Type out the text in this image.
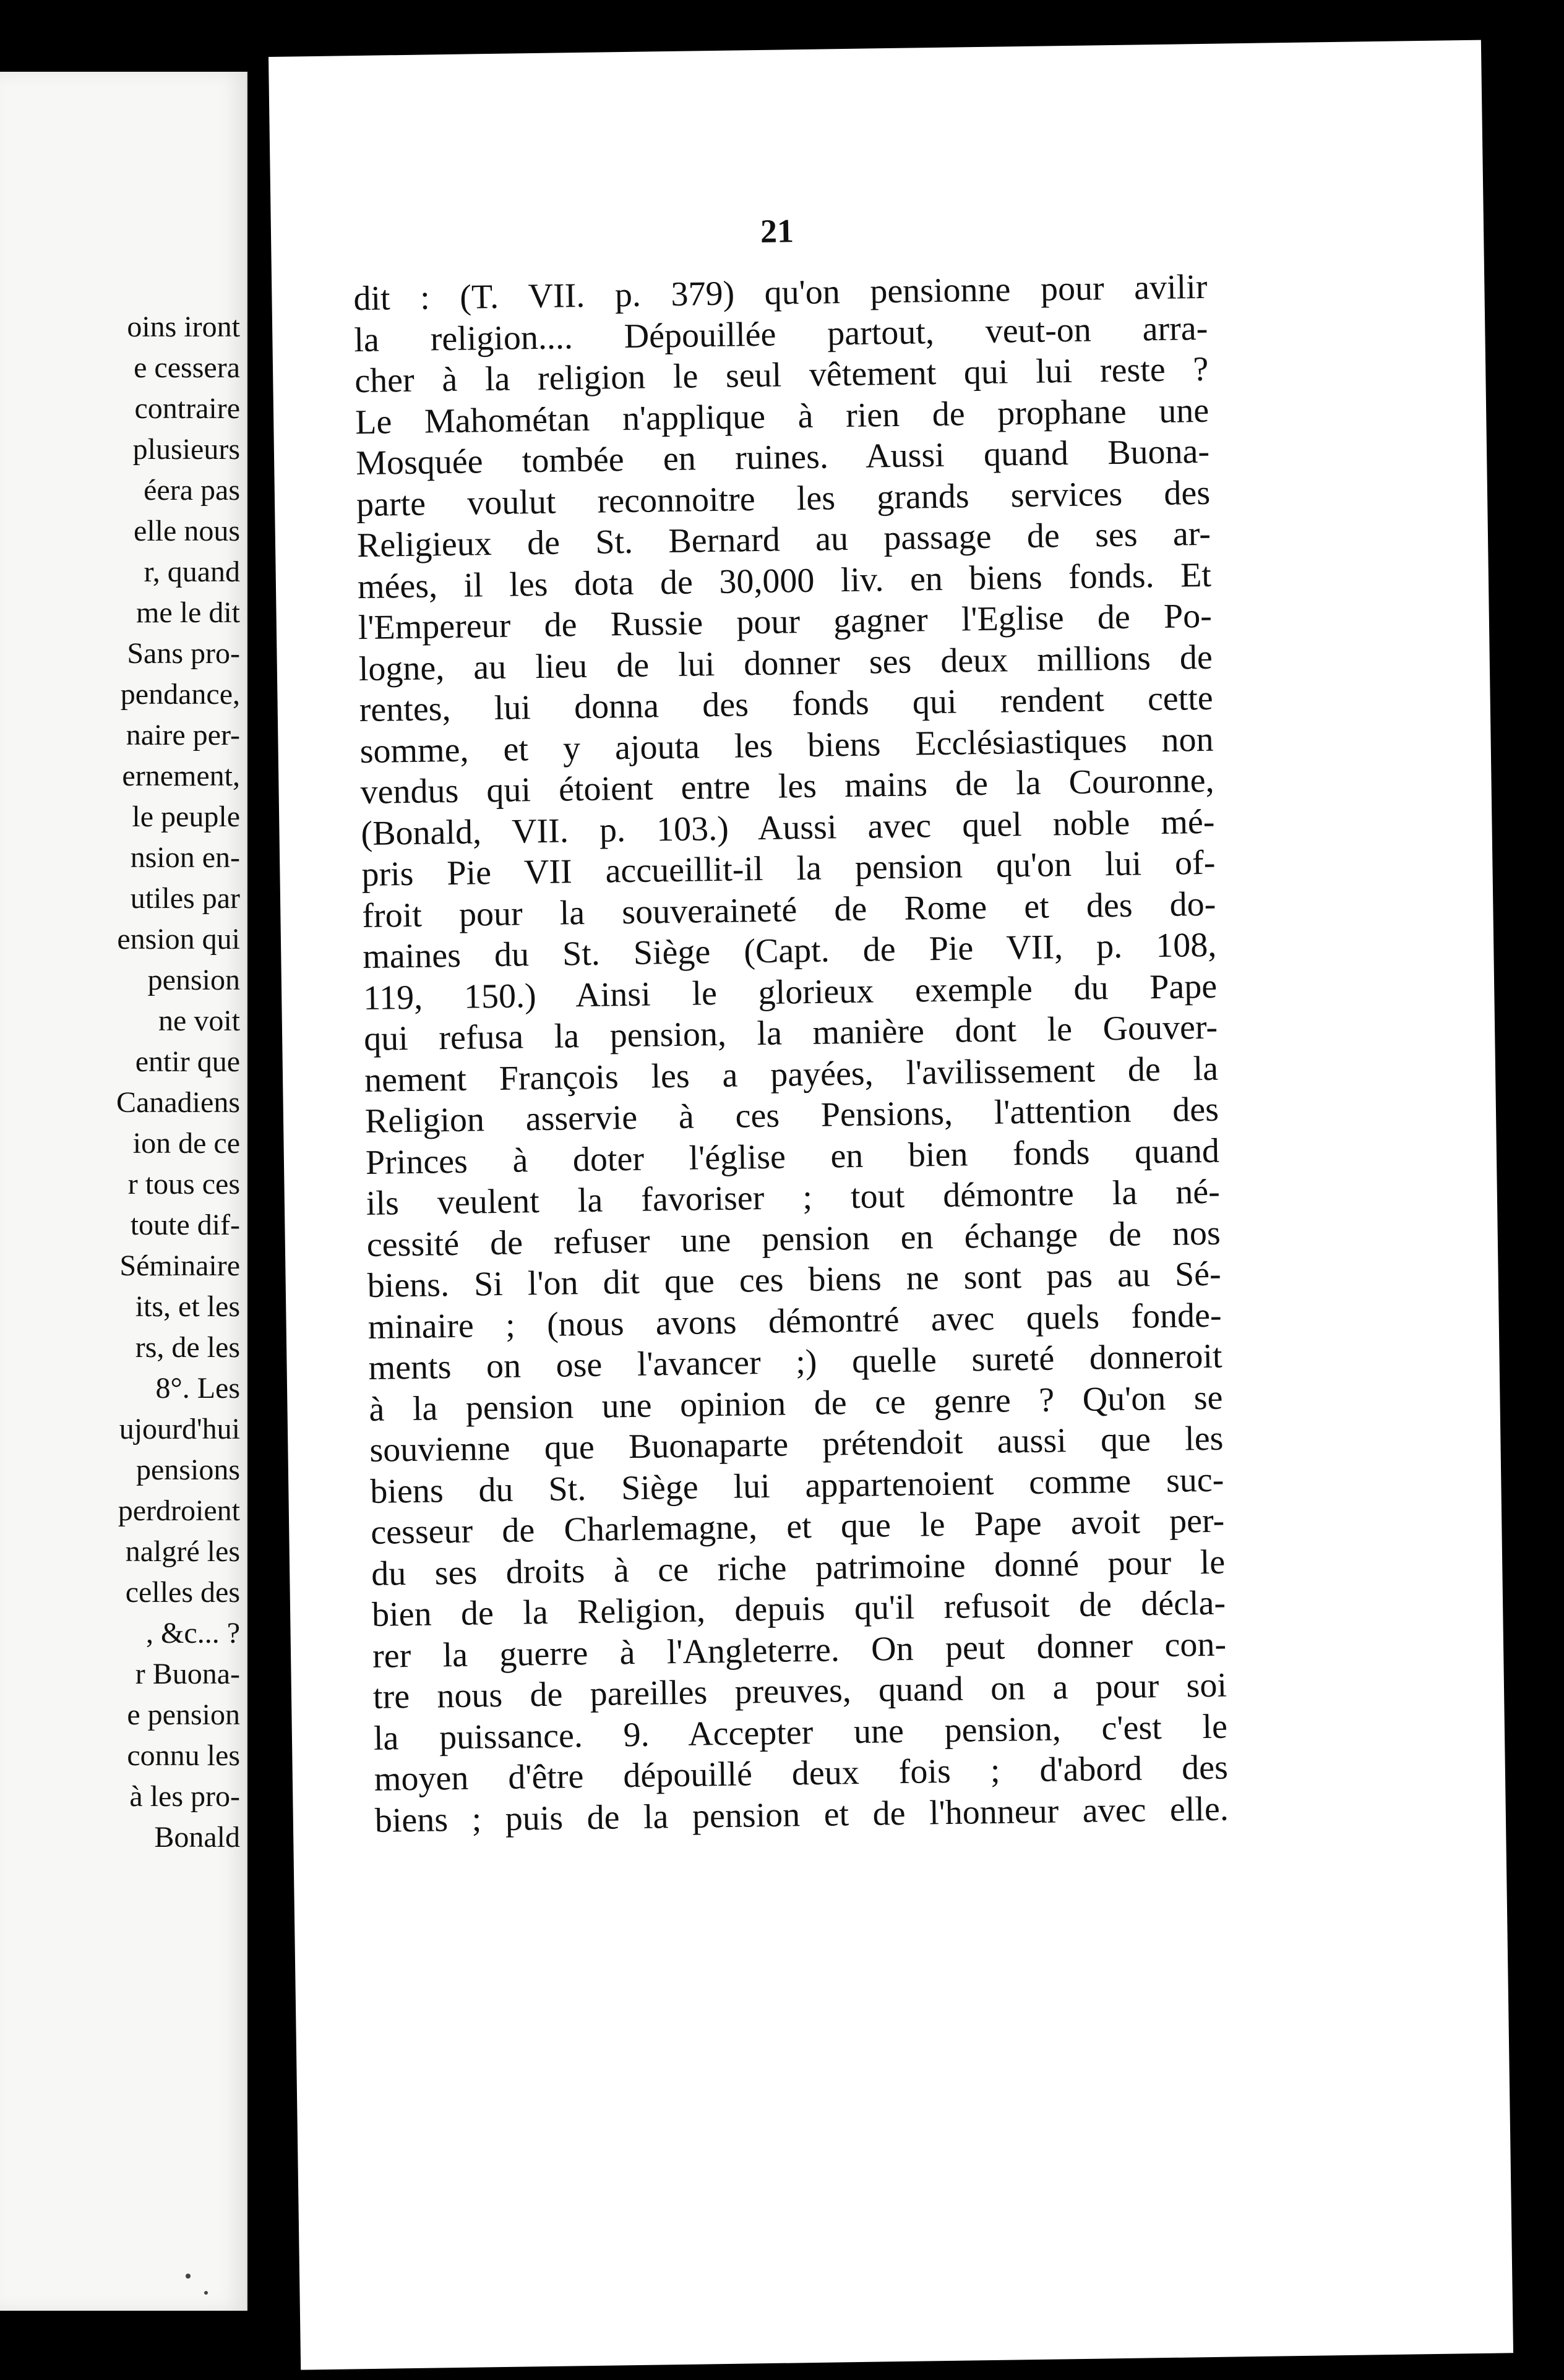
oins iront
e cessera
contraire
plusieurs
éera pas
elle nous
r, quand
me le dit
Sans pro-
pendance,
naire per-
ernement,
le peuple
nsion en-
utiles par
ension qui
pension
ne voit
entir que
Canadiens
ion de ce
r tous ces
toute dif-
Séminaire
its, et les
rs, de les
8°. Les
ujourd'hui
pensions
perdroient
nalgré les
celles des
, &c... ?
r Buona-
e pension
connu les
à les pro-
Bonald
21
dit : (T. VII. p. 379) qu'on pensionne pour avilir
la religion.... Dépouillée partout, veut-on arra-
cher à la religion le seul vêtement qui lui reste ?
Le Mahométan n'applique à rien de prophane une
Mosquée tombée en ruines. Aussi quand Buona-
parte voulut reconnoitre les grands services des
Religieux de St. Bernard au passage de ses ar-
mées, il les dota de 30,000 liv. en biens fonds. Et
l'Empereur de Russie pour gagner l'Eglise de Po-
logne, au lieu de lui donner ses deux millions de
rentes, lui donna des fonds qui rendent cette
somme, et y ajouta les biens Ecclésiastiques non
vendus qui étoient entre les mains de la Couronne,
(Bonald, VII. p. 103.) Aussi avec quel noble mé-
pris Pie VII accueillit-il la pension qu'on lui of-
froit pour la souveraineté de Rome et des do-
maines du St. Siège (Capt. de Pie VII, p. 108,
119, 150.) Ainsi le glorieux exemple du Pape
qui refusa la pension, la manière dont le Gouver-
nement François les a payées, l'avilissement de la
Religion asservie à ces Pensions, l'attention des
Princes à doter l'église en bien fonds quand
ils veulent la favoriser ; tout démontre la né-
cessité de refuser une pension en échange de nos
biens. Si l'on dit que ces biens ne sont pas au Sé-
minaire ; (nous avons démontré avec quels fonde-
ments on ose l'avancer ;) quelle sureté donneroit
à la pension une opinion de ce genre ? Qu'on se
souvienne que Buonaparte prétendoit aussi que les
biens du St. Siège lui appartenoient comme suc-
cesseur de Charlemagne, et que le Pape avoit per-
du ses droits à ce riche patrimoine donné pour le
bien de la Religion, depuis qu'il refusoit de décla-
rer la guerre à l'Angleterre. On peut donner con-
tre nous de pareilles preuves, quand on a pour soi
la puissance. 9. Accepter une pension, c'est le
moyen d'être dépouillé deux fois ; d'abord des
biens ; puis de la pension et de l'honneur avec elle.
